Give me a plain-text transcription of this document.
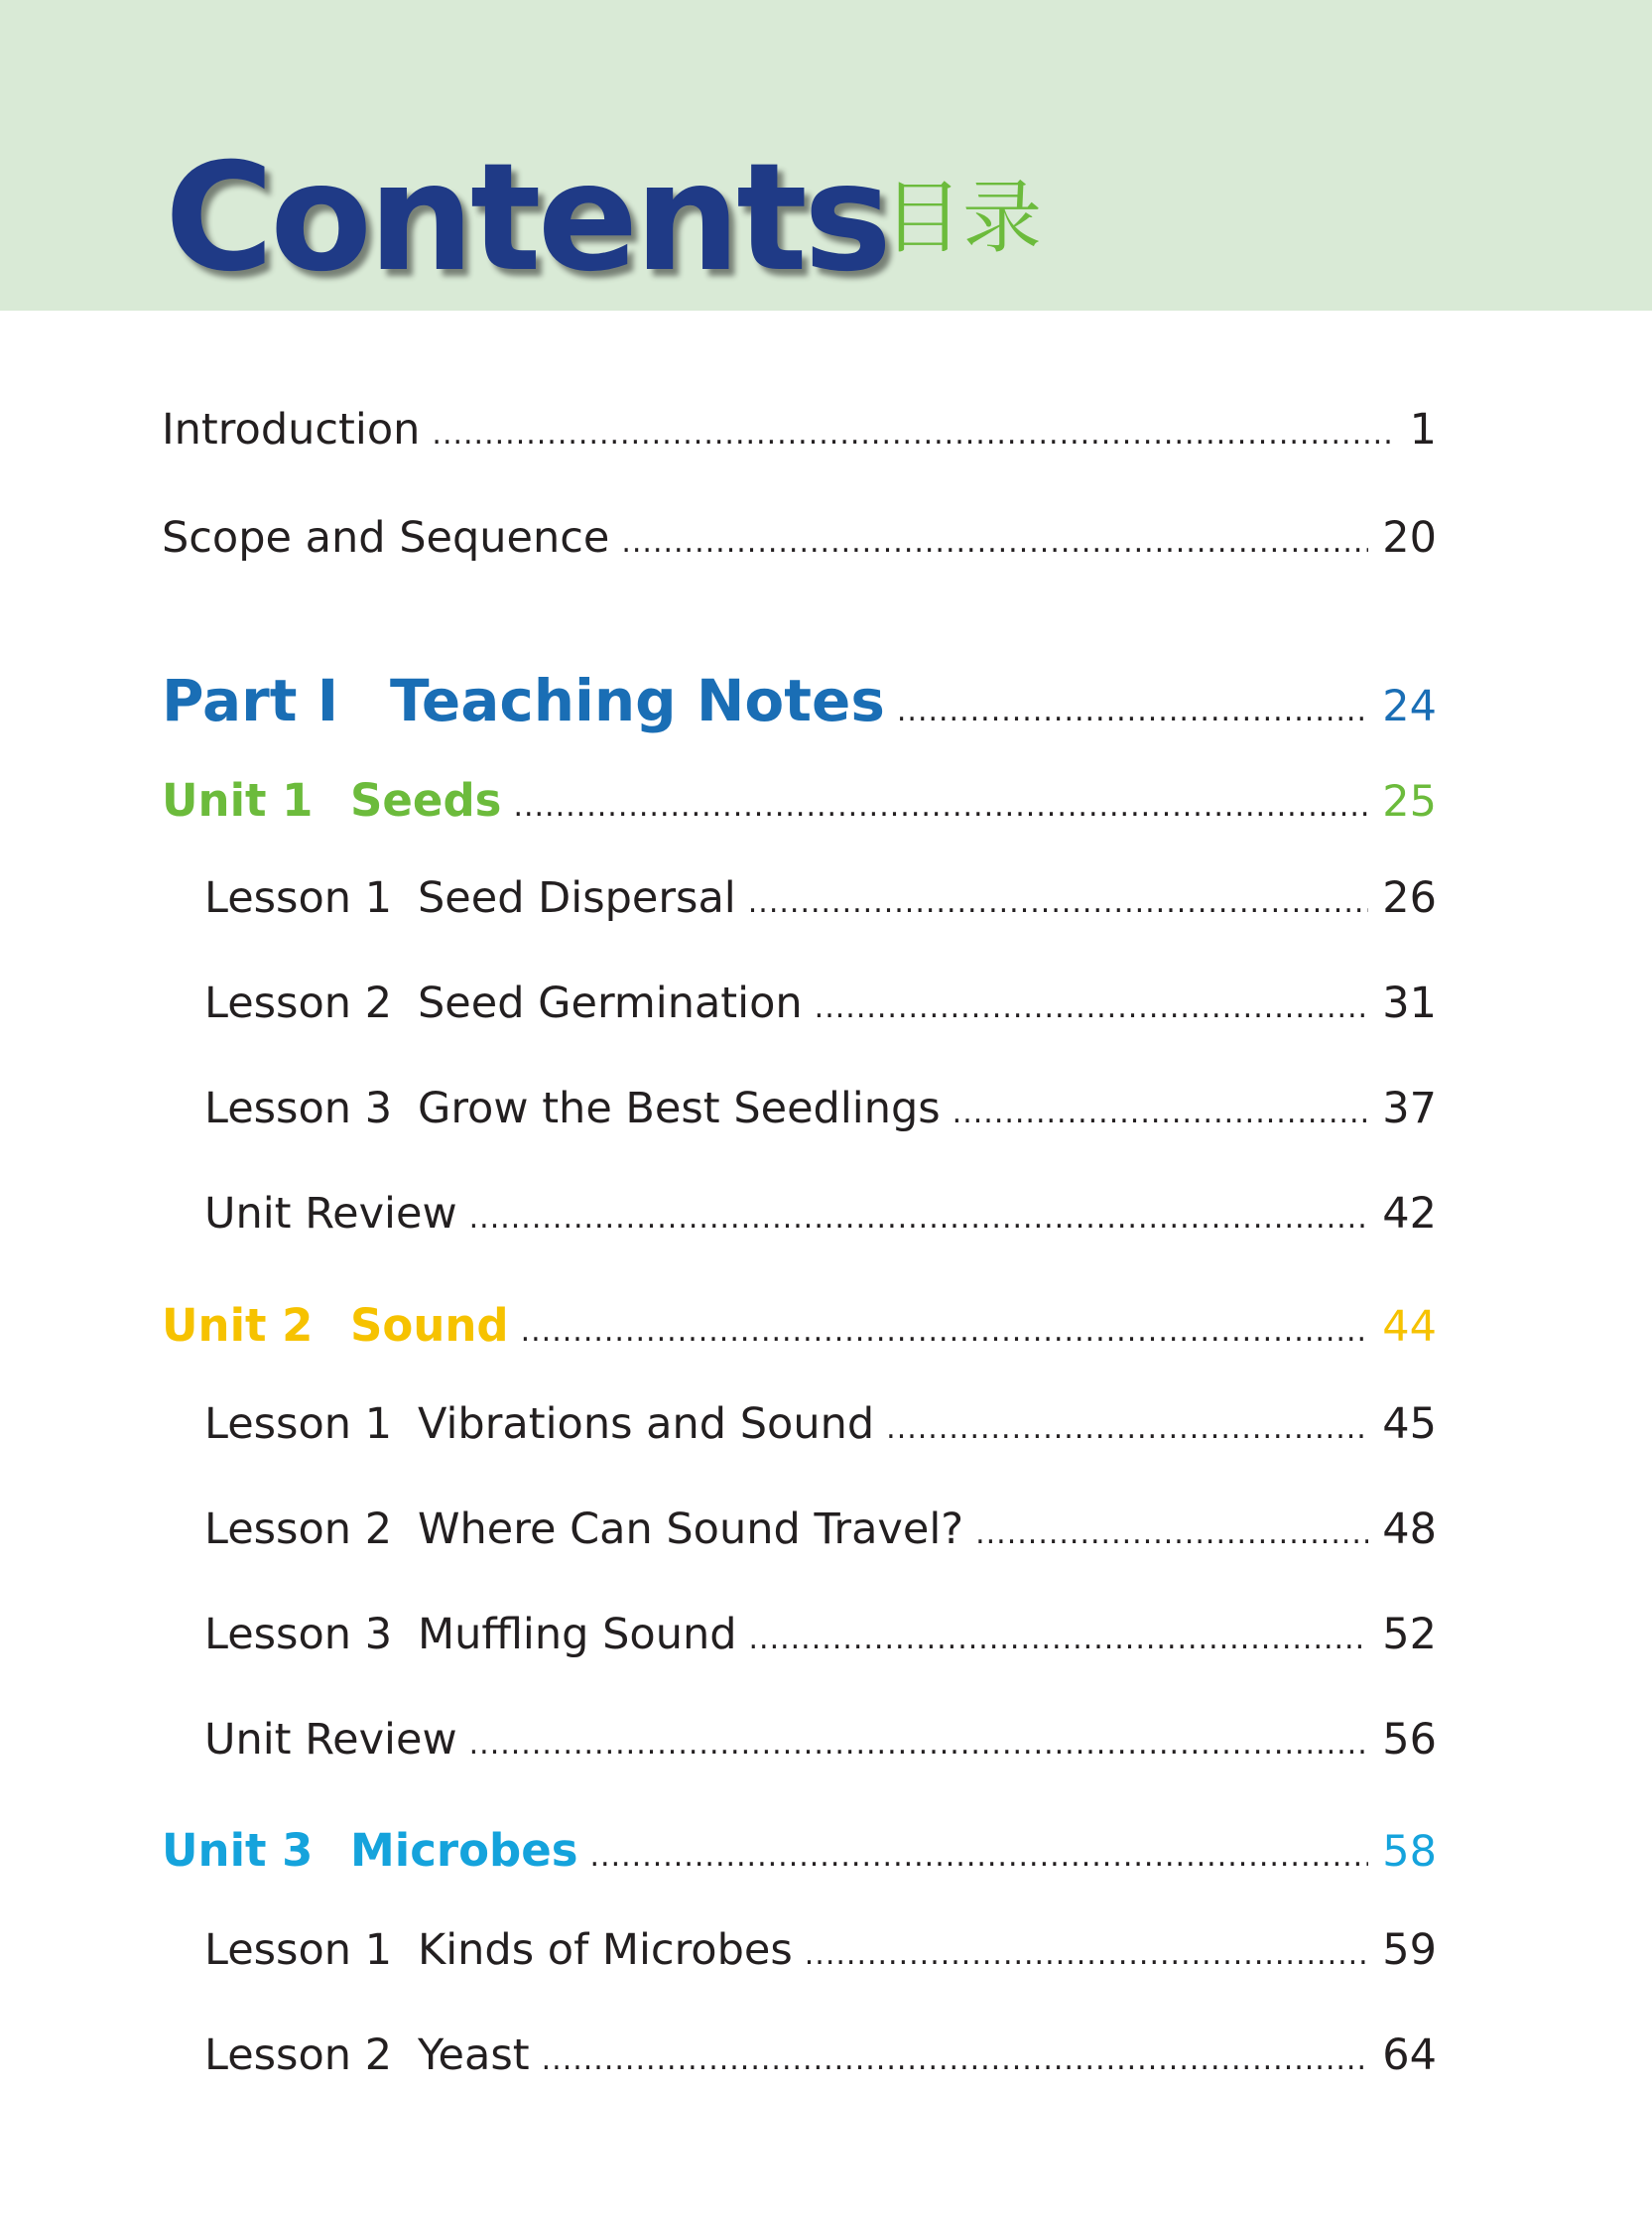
Contents
目录
Introduction .....	1
Scope and Sequence .....	20
Part I Teaching Notes .....	24
Unit 1 Seeds .....	25
Lesson 1 Seed Dispersal .....	26
Lesson 2 Seed Germination .....	31
Lesson 3 Grow the Best Seedlings .....	37
Unit Review .....	42
Unit 2 Sound .....	44
Lesson 1 Vibrations and Sound .....	45
Lesson 2 Where Can Sound Travel? .....	48
Lesson 3 Muffling Sound .....	52
Unit Review .....	56
Unit 3 Microbes .....	58
Lesson 1 Kinds of Microbes .....	59
Lesson 2 Yeast .....	64
